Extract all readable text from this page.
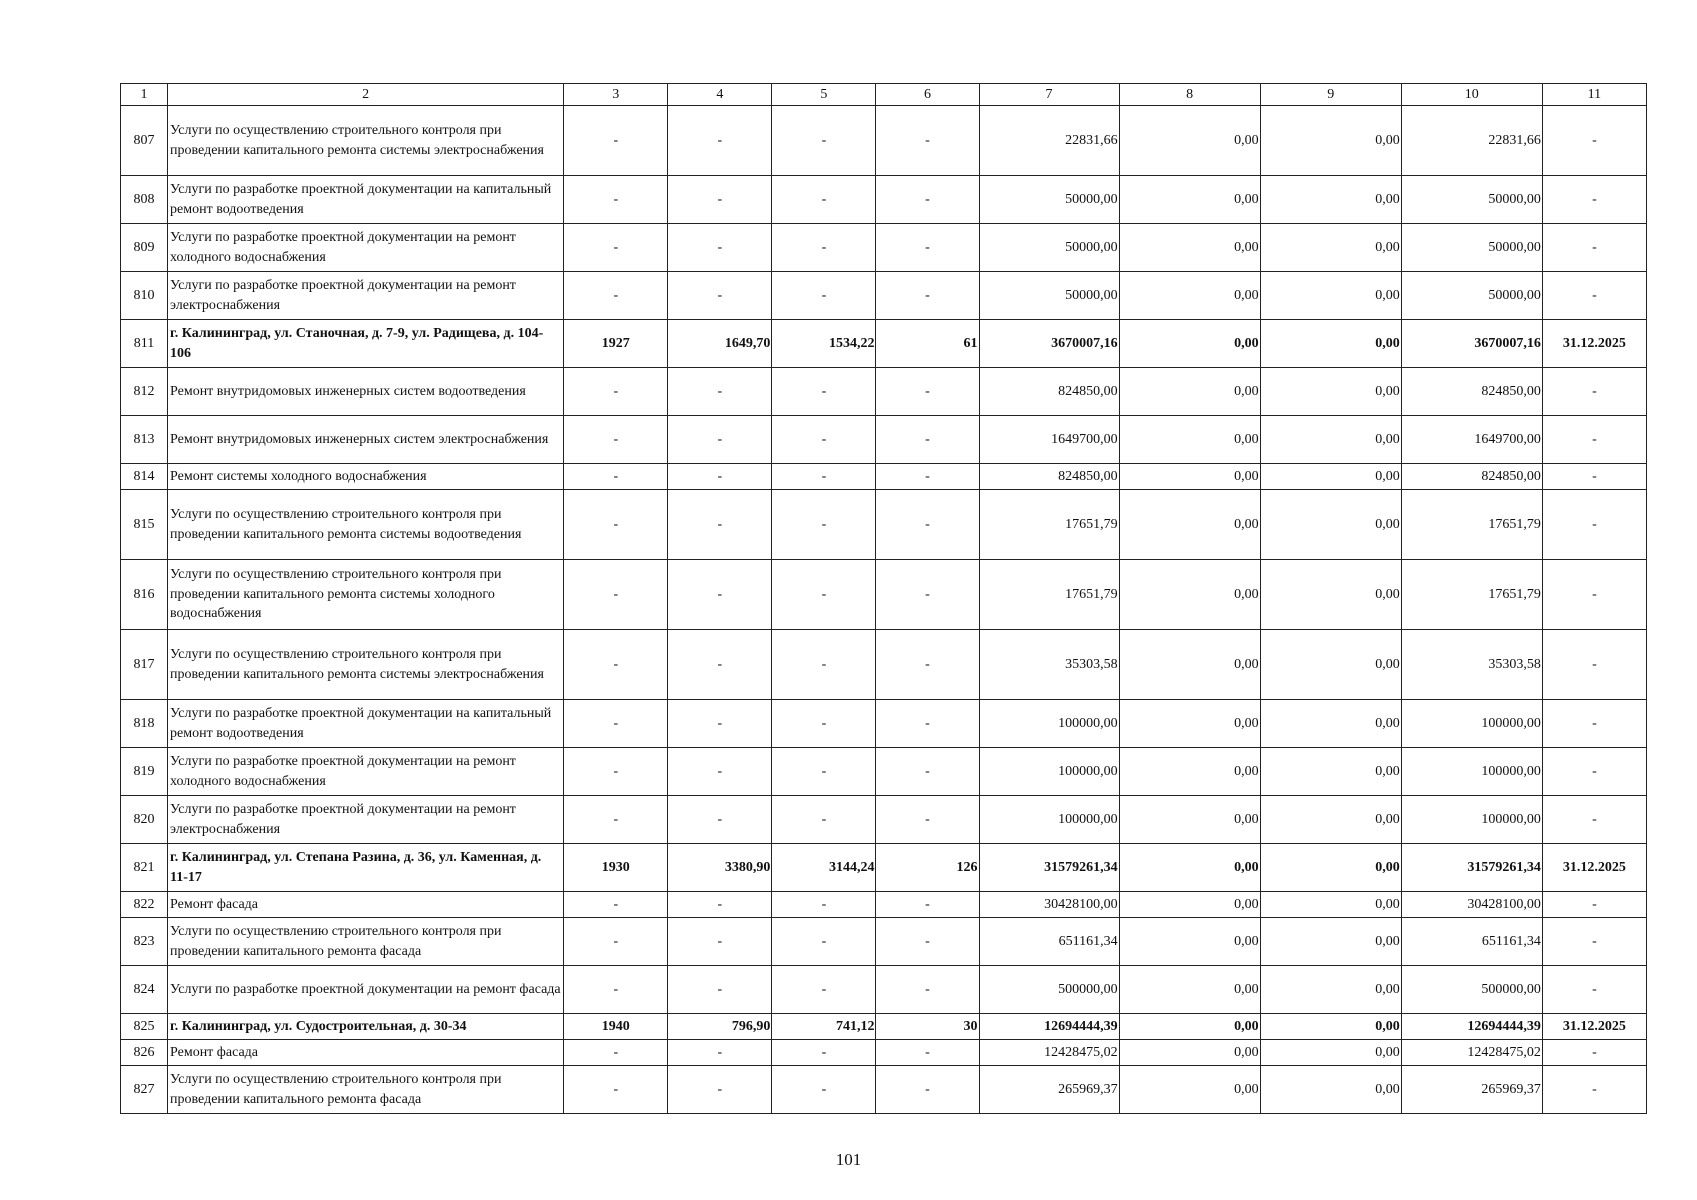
1	2	3	4	5	6	7	8	9	10	11
807	Услуги по осуществлению строительного контроля при проведении капитального ремонта системы электроснабжения	-	-	-	-	22831,66	0,00	0,00	22831,66	-
808	Услуги по разработке проектной документации на капитальный ремонт водоотведения	-	-	-	-	50000,00	0,00	0,00	50000,00	-
809	Услуги по разработке проектной документации на ремонт холодного водоснабжения	-	-	-	-	50000,00	0,00	0,00	50000,00	-
810	Услуги по разработке проектной документации на ремонт электроснабжения	-	-	-	-	50000,00	0,00	0,00	50000,00	-
811	г. Калининград, ул. Станочная, д. 7-9, ул. Радищева, д. 104-106	1927	1649,70	1534,22	61	3670007,16	0,00	0,00	3670007,16	31.12.2025
812	Ремонт внутридомовых инженерных систем водоотведения	-	-	-	-	824850,00	0,00	0,00	824850,00	-
813	Ремонт внутридомовых инженерных систем электроснабжения	-	-	-	-	1649700,00	0,00	0,00	1649700,00	-
814	Ремонт системы холодного водоснабжения	-	-	-	-	824850,00	0,00	0,00	824850,00	-
815	Услуги по осуществлению строительного контроля при проведении капитального ремонта системы водоотведения	-	-	-	-	17651,79	0,00	0,00	17651,79	-
816	Услуги по осуществлению строительного контроля при проведении капитального ремонта системы холодного водоснабжения	-	-	-	-	17651,79	0,00	0,00	17651,79	-
817	Услуги по осуществлению строительного контроля при проведении капитального ремонта системы электроснабжения	-	-	-	-	35303,58	0,00	0,00	35303,58	-
818	Услуги по разработке проектной документации на капитальный ремонт водоотведения	-	-	-	-	100000,00	0,00	0,00	100000,00	-
819	Услуги по разработке проектной документации на ремонт холодного водоснабжения	-	-	-	-	100000,00	0,00	0,00	100000,00	-
820	Услуги по разработке проектной документации на ремонт электроснабжения	-	-	-	-	100000,00	0,00	0,00	100000,00	-
821	г. Калининград, ул. Степана Разина, д. 36, ул. Каменная, д. 11-17	1930	3380,90	3144,24	126	31579261,34	0,00	0,00	31579261,34	31.12.2025
822	Ремонт фасада	-	-	-	-	30428100,00	0,00	0,00	30428100,00	-
823	Услуги по осуществлению строительного контроля при проведении капитального ремонта фасада	-	-	-	-	651161,34	0,00	0,00	651161,34	-
824	Услуги по разработке проектной документации на ремонт фасада	-	-	-	-	500000,00	0,00	0,00	500000,00	-
825	г. Калининград, ул. Судостроительная, д. 30-34	1940	796,90	741,12	30	12694444,39	0,00	0,00	12694444,39	31.12.2025
826	Ремонт фасада	-	-	-	-	12428475,02	0,00	0,00	12428475,02	-
827	Услуги по осуществлению строительного контроля при проведении капитального ремонта фасада	-	-	-	-	265969,37	0,00	0,00	265969,37	-
101
